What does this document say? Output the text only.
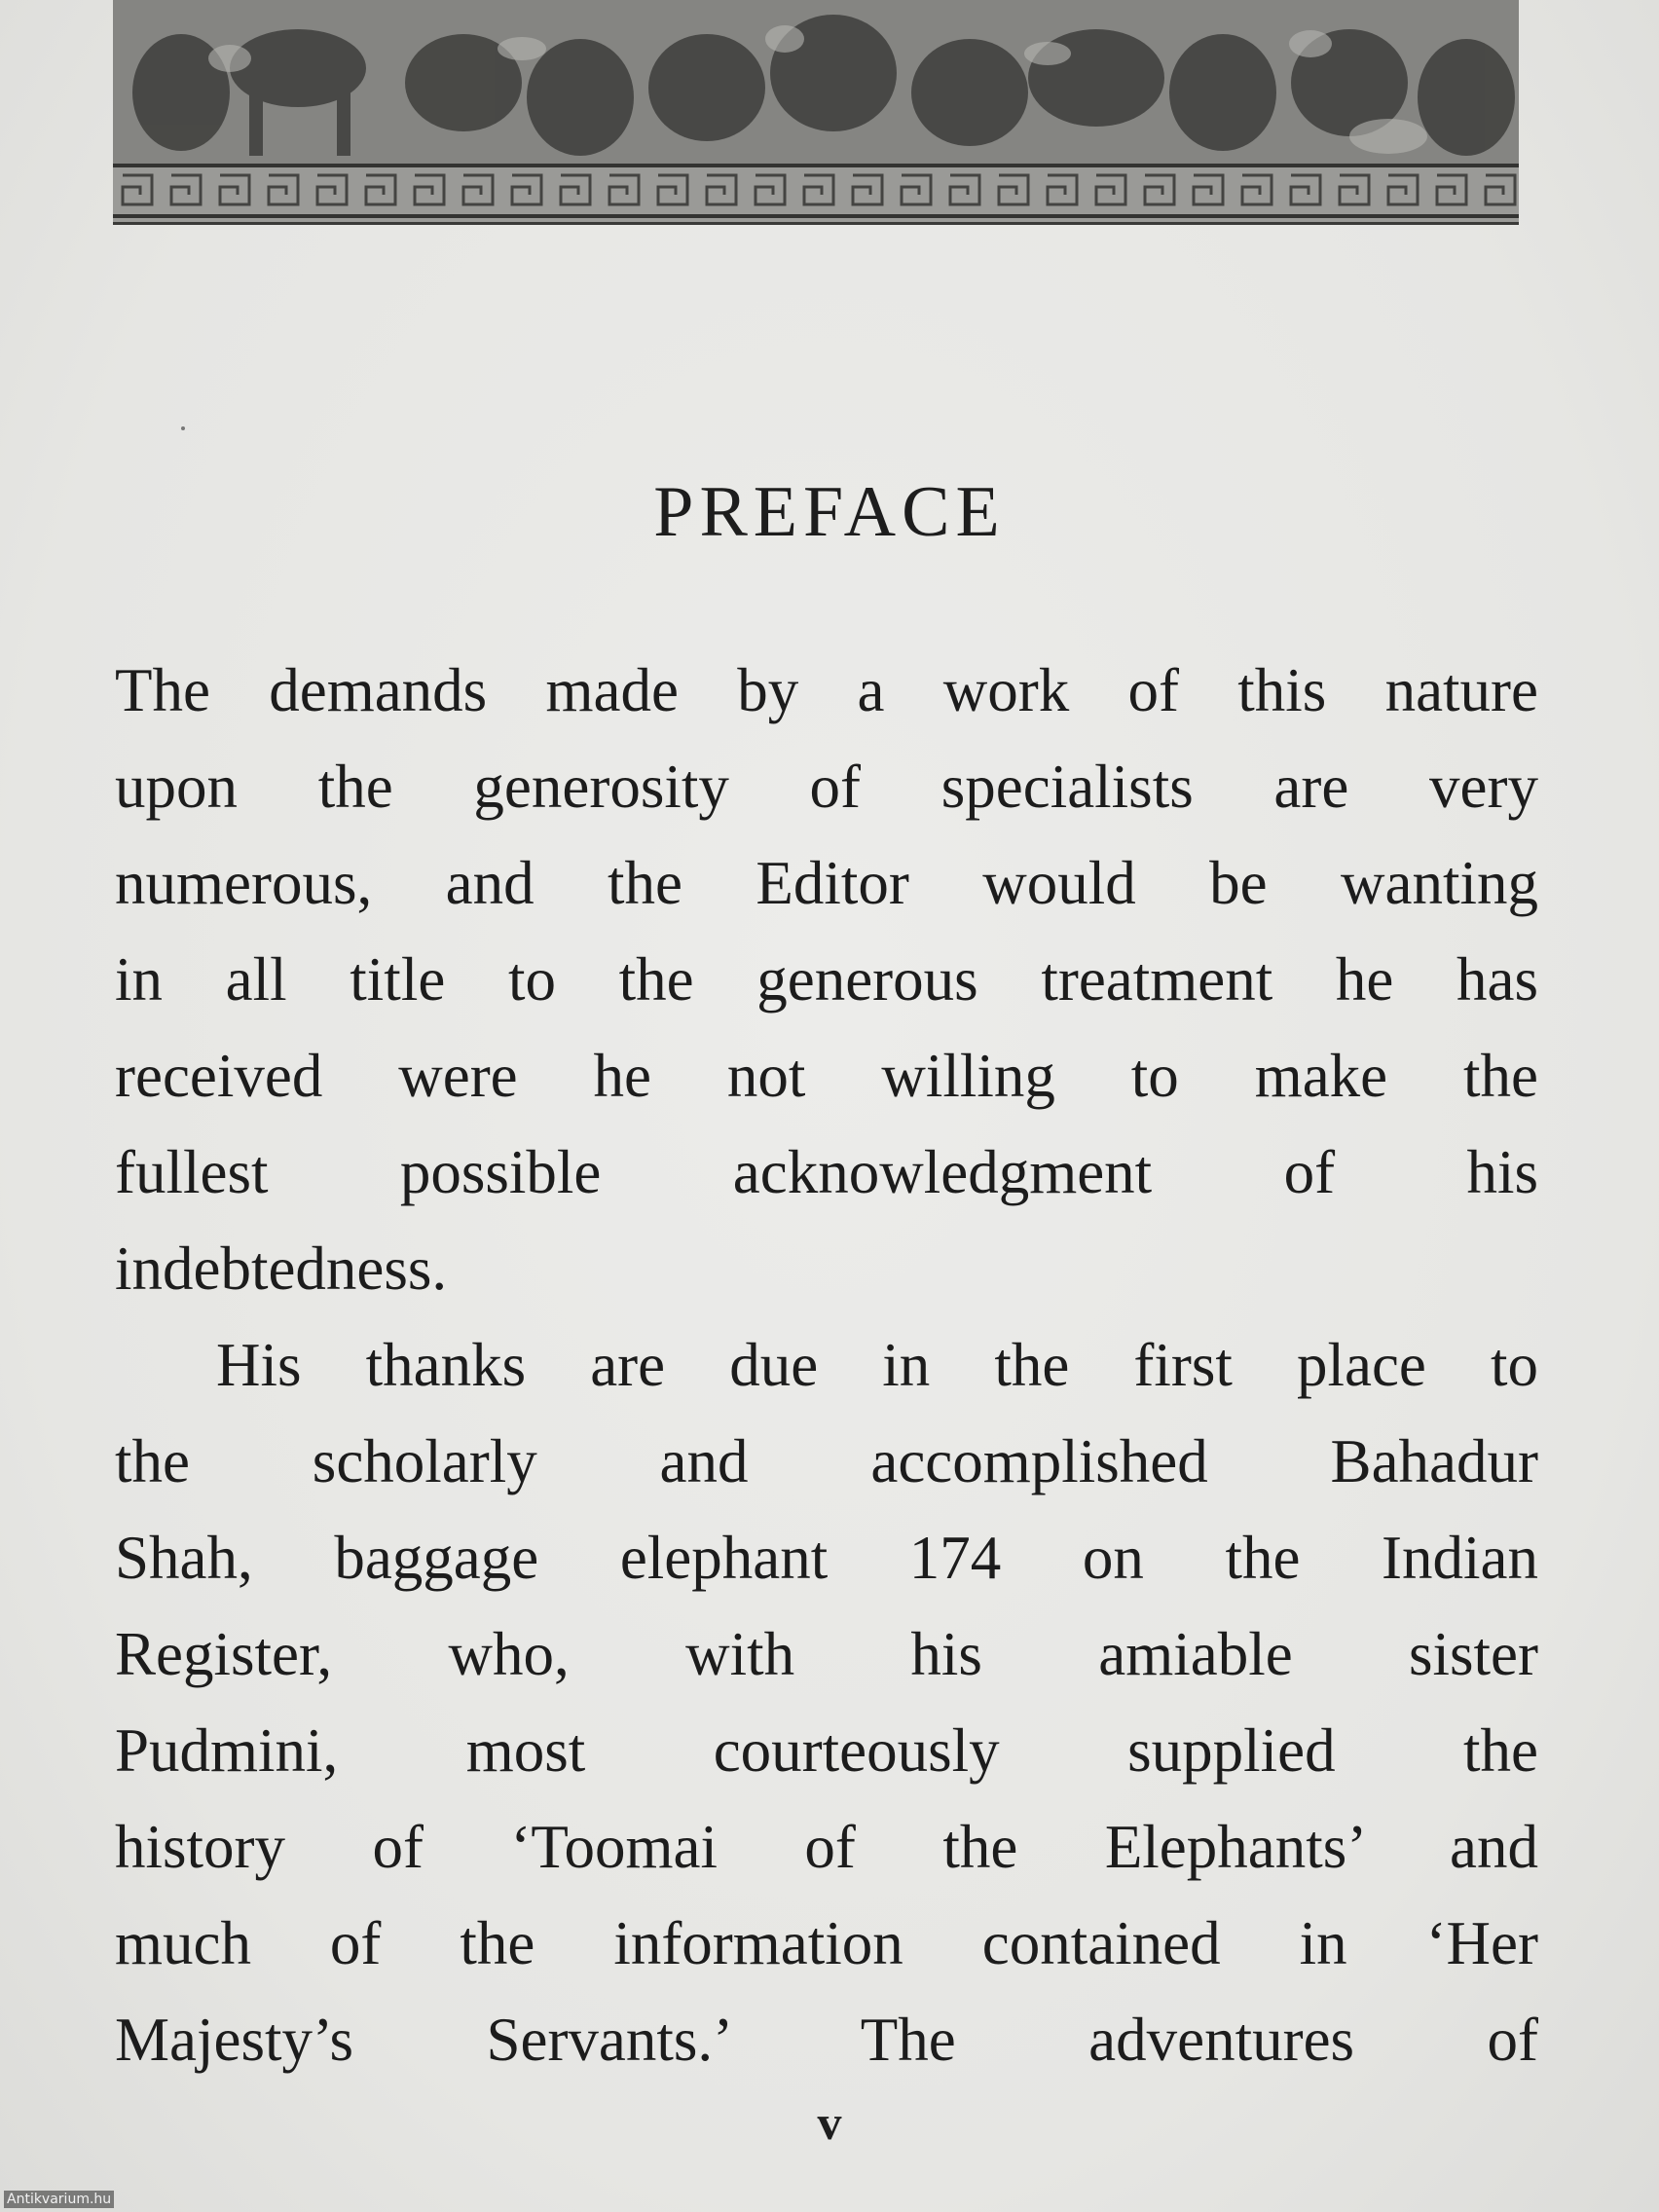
PREFACE
The demands made by a work of this nature
upon the generosity of specialists are very
numerous, and the Editor would be wanting
in all title to the generous treatment he has
received were he not willing to make the
fullest possible acknowledgment of his
indebtedness.
His thanks are due in the first place to
the scholarly and accomplished Bahadur
Shah, baggage elephant 174 on the Indian
Register, who, with his amiable sister
Pudmini, most courteously supplied the
history of ‘Toomai of the Elephants’ and
much of the information contained in ‘Her
Majesty’s Servants.’ The adventures of
v
Antikvarium.hu
